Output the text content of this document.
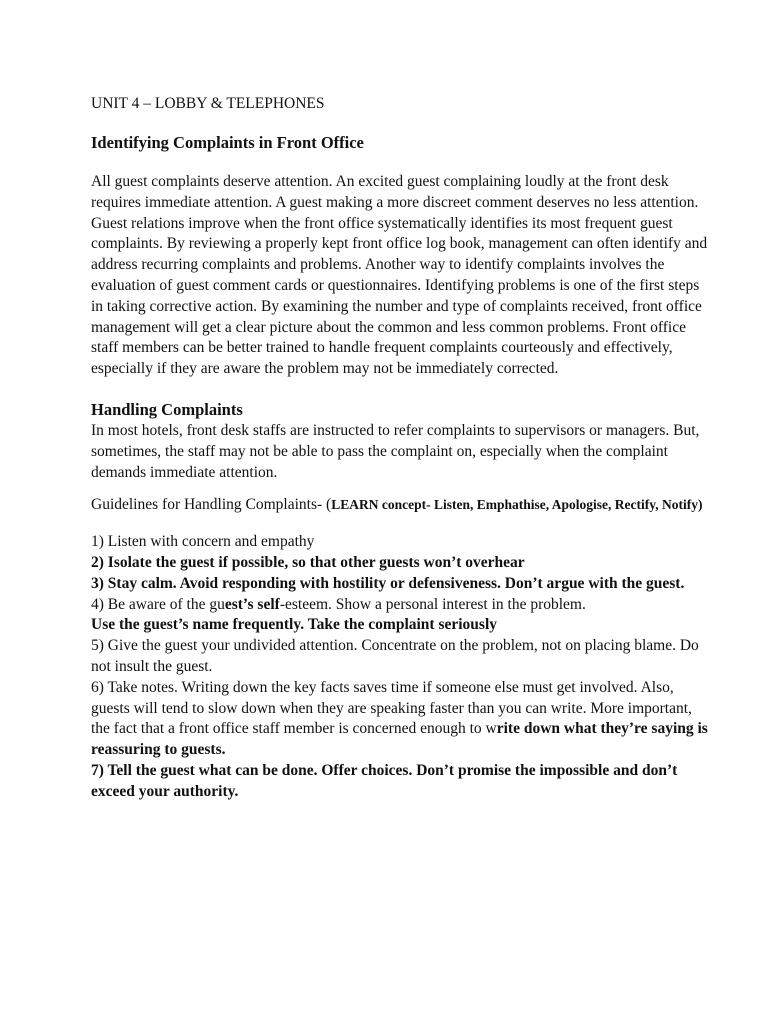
UNIT 4 – LOBBY & TELEPHONES
Identifying Complaints in Front Office

All guest complaints deserve attention. An excited guest complaining loudly at the front desk requires immediate attention. A guest making a more discreet comment deserves no less attention.

Guest relations improve when the front office systematically identifies its most frequent guest complaints. By reviewing a properly kept front office log book, management can often identify and address recurring complaints and problems. Another way to identify complaints involves the evaluation of guest comment cards or questionnaires. Identifying problems is one of the first steps in taking corrective action. By examining the number and type of complaints received, front office management will get a clear picture about the common and less common problems. Front office staff members can be better trained to handle frequent complaints courteously and effectively, especially if they are aware the problem may not be immediately corrected.

Handling Complaints

In most hotels, front desk staffs are instructed to refer complaints to supervisors or managers. But, sometimes, the staff may not be able to pass the complaint on, especially when the complaint demands immediate attention.

Guidelines for Handling Complaints- (LEARN concept- Listen, Emphathise, Apologise, Rectify, Notify)

1) Listen with concern and empathy

2) Isolate the guest if possible, so that other guests won’t overhear

3) Stay calm. Avoid responding with hostility or defensiveness. Don’t argue with the guest.

4) Be aware of the guest’s self-esteem. Show a personal interest in the problem.

Use the guest’s name frequently. Take the complaint seriously

5) Give the guest your undivided attention. Concentrate on the problem, not on placing blame. Do not insult the guest.

6) Take notes. Writing down the key facts saves time if someone else must get involved. Also, guests will tend to slow down when they are speaking faster than you can write. More important, the fact that a front office staff member is concerned enough to write down what they’re saying is reassuring to guests.

7) Tell the guest what can be done. Offer choices. Don’t promise the impossible and don’t exceed your authority.
